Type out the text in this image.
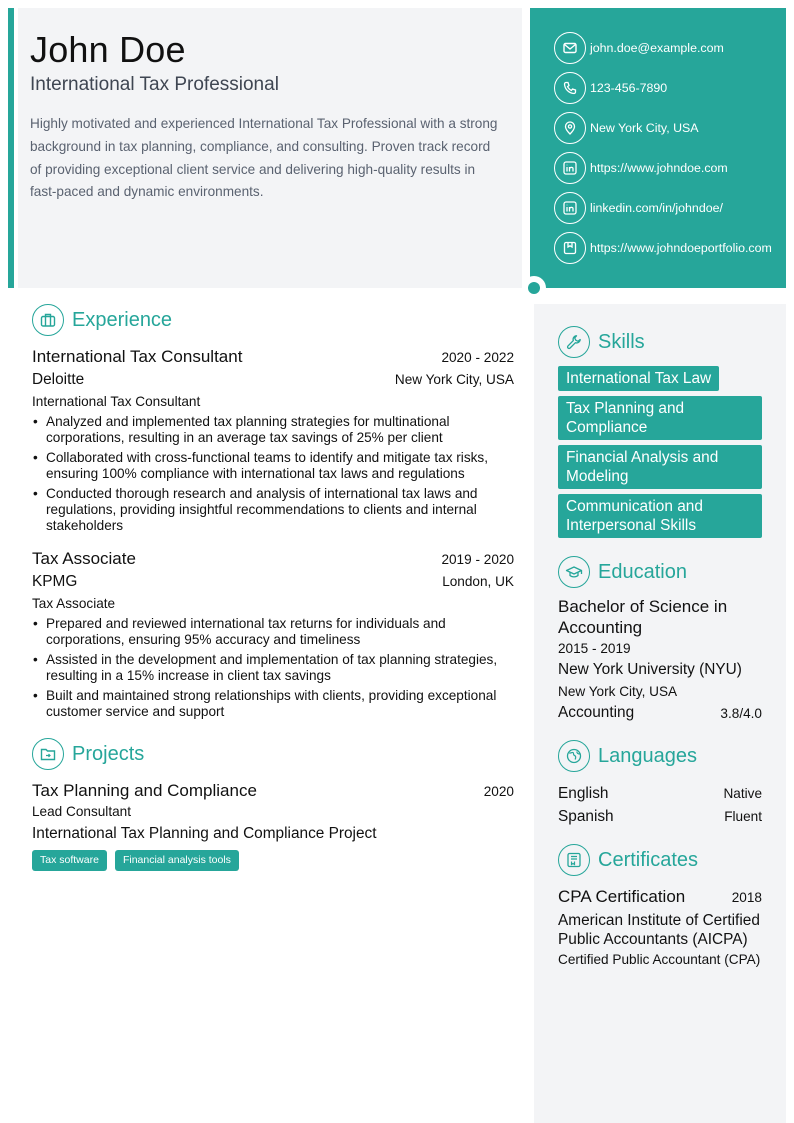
John Doe
International Tax Professional

Highly motivated and experienced International Tax Professional with a strong background in tax planning, compliance, and consulting. Proven track record of providing exceptional client service and delivering high-quality results in fast-paced and dynamic environments.

john.doe@example.com
123-456-7890
New York City, USA
https://www.johndoe.com
linkedin.com/in/johndoe/
https://www.johndoeportfolio.com
Experience
International Tax Consultant	2020 - 2022
Deloitte	New York City, USA
International Tax Consultant
• Analyzed and implemented tax planning strategies for multinational corporations, resulting in an average tax savings of 25% per client
• Collaborated with cross-functional teams to identify and mitigate tax risks, ensuring 100% compliance with international tax laws and regulations
• Conducted thorough research and analysis of international tax laws and regulations, providing insightful recommendations to clients and internal stakeholders
Tax Associate	2019 - 2020
KPMG	London, UK
Tax Associate
• Prepared and reviewed international tax returns for individuals and corporations, ensuring 95% accuracy and timeliness
• Assisted in the development and implementation of tax planning strategies, resulting in a 15% increase in client tax savings
• Built and maintained strong relationships with clients, providing exceptional customer service and support
Projects
Tax Planning and Compliance	2020
Lead Consultant
International Tax Planning and Compliance Project
Tax software	Financial analysis tools
Skills
International Tax Law
Tax Planning and Compliance
Financial Analysis and Modeling
Communication and Interpersonal Skills
Education
Bachelor of Science in Accounting
2015 - 2019
New York University (NYU)
New York City, USA
Accounting	3.8/4.0
Languages
English	Native
Spanish	Fluent
Certificates
CPA Certification	2018
American Institute of Certified Public Accountants (AICPA)
Certified Public Accountant (CPA)
